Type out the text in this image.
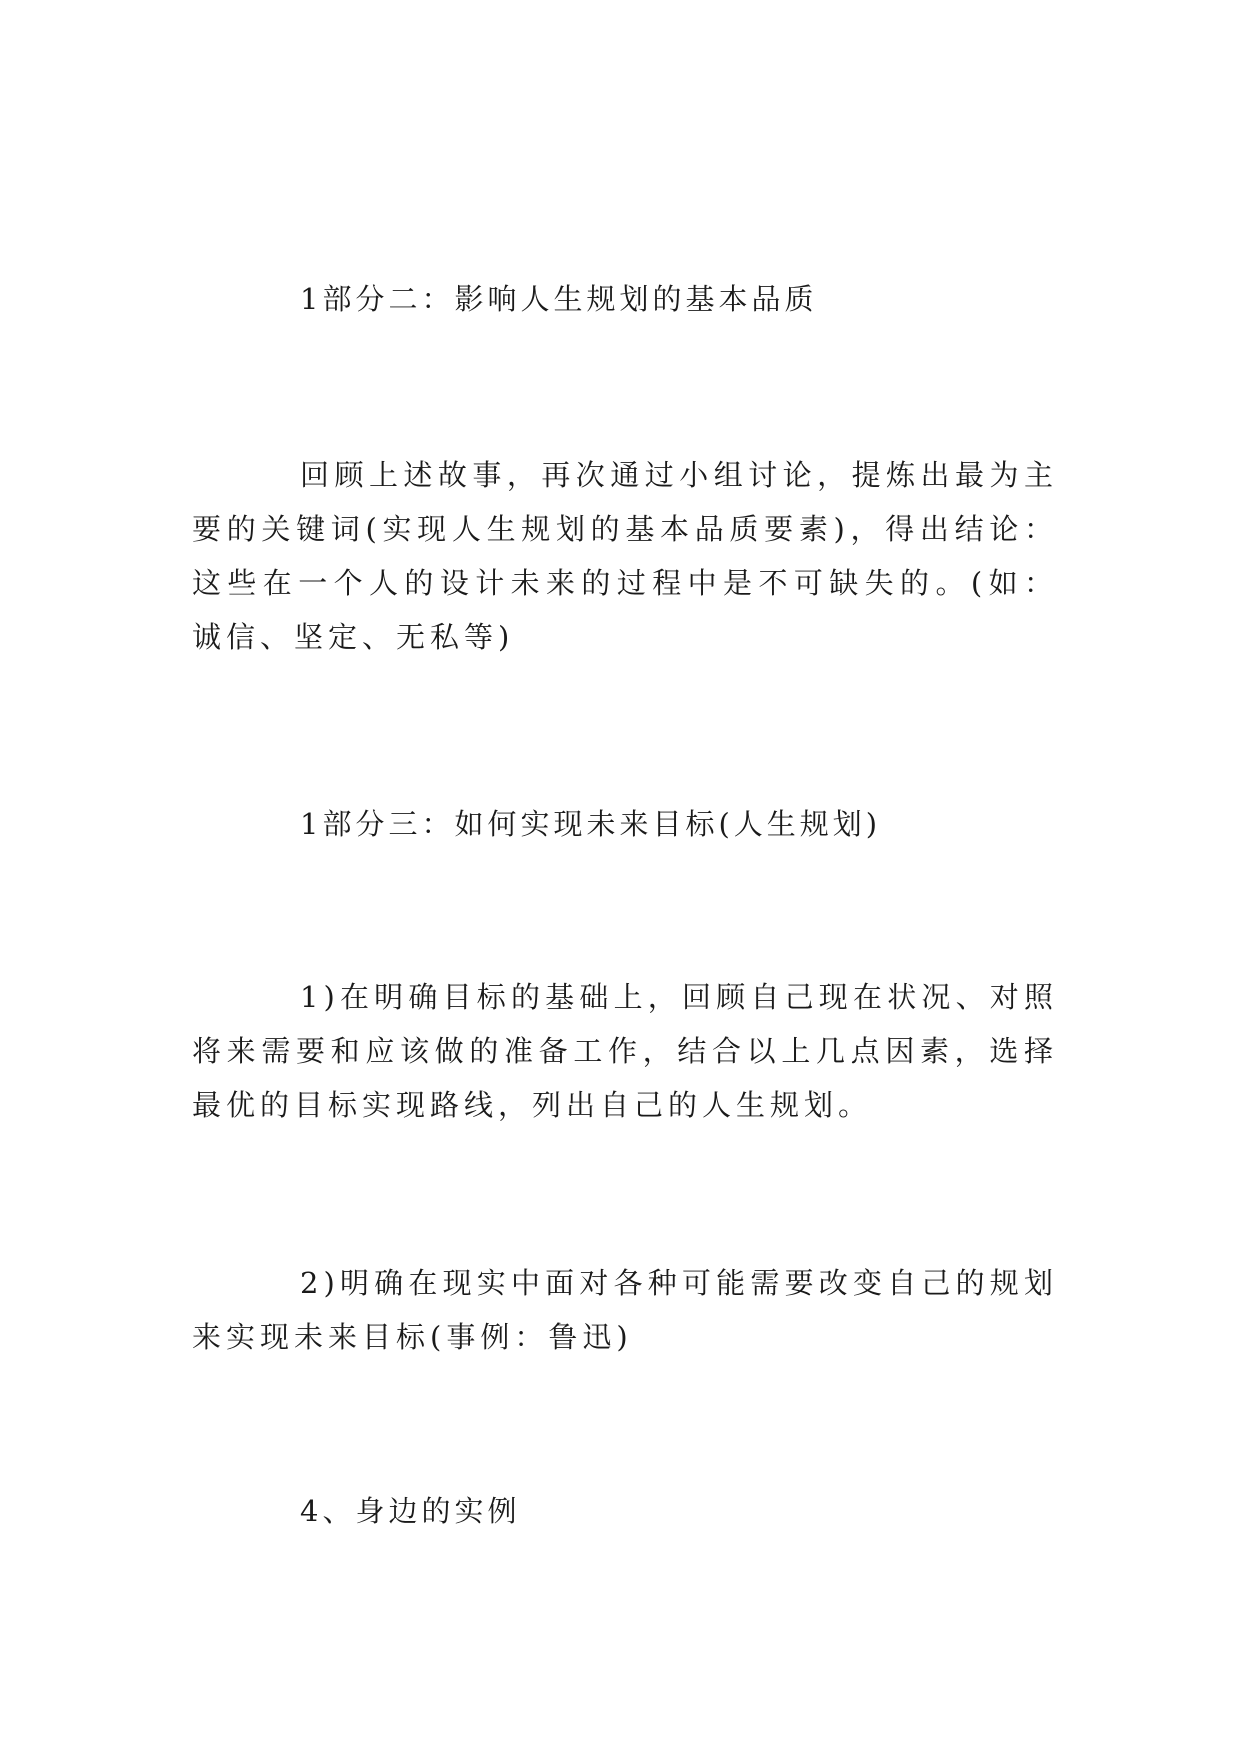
1部分二：影响人生规划的基本品质

回顾上述故事，再次通过小组讨论，提炼出最为主要的关键词(实现人生规划的基本品质要素)，得出结论：这些在一个人的设计未来的过程中是不可缺失的。(如：诚信、坚定、无私等)

1部分三：如何实现未来目标(人生规划)

1)在明确目标的基础上，回顾自己现在状况、对照将来需要和应该做的准备工作，结合以上几点因素，选择最优的目标实现路线，列出自己的人生规划。

2)明确在现实中面对各种可能需要改变自己的规划来实现未来目标(事例：鲁迅)

4、身边的实例
